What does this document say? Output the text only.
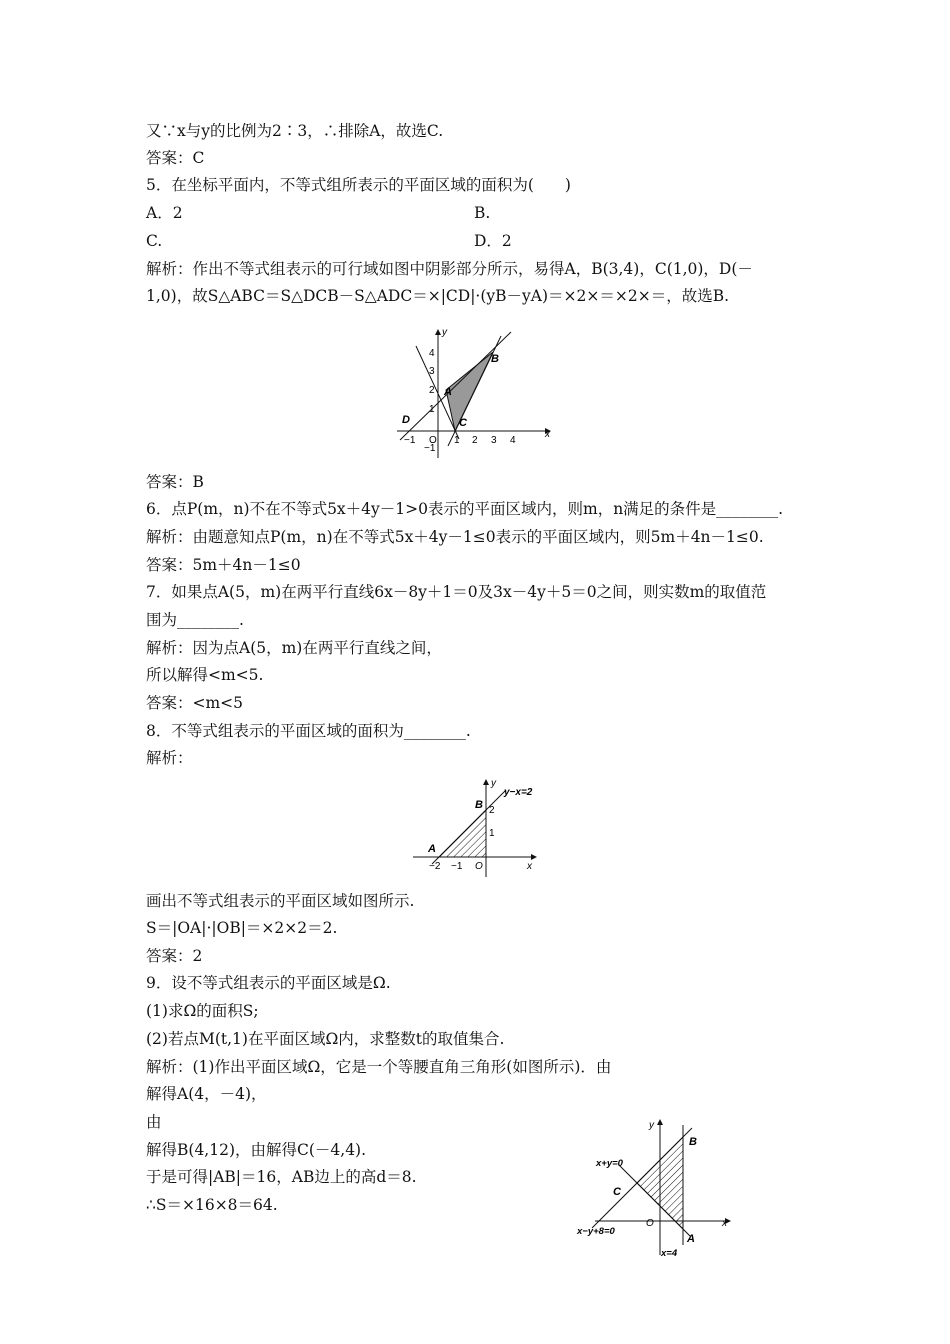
又∵x与y的比例为2∶3，∴排除A，故选C.
答案：C
5．在坐标平面内，不等式组所表示的平面区域的面积为(　　)
A．2	B.
C.	D．2
解析：作出不等式组表示的可行域如图中阴影部分所示，易得A，B(3,4)，C(1,0)，D(－
1,0)，故S△ABC＝S△DCB－S△ADC＝×|CD|·(yB－yA)＝×2×＝×2×＝，故选B.
y
x
4
3
2
1
−1
−1 O 1 2 3 4
A
B
C
D
答案：B
6．点P(m，n)不在不等式5x＋4y－1>0表示的平面区域内，则m，n满足的条件是________.
解析：由题意知点P(m，n)在不等式5x＋4y－1≤0表示的平面区域内，则5m＋4n－1≤0.
答案：5m＋4n－1≤0
7．如果点A(5，m)在两平行直线6x－8y＋1＝0及3x－4y＋5＝0之间，则实数m的取值范
围为________.
解析：因为点A(5，m)在两平行直线之间，
所以解得<m<5.
答案：<m<5
8．不等式组表示的平面区域的面积为________.
解析：
y
x
y−x=2
B
A
O
2
1
−2 −1
画出不等式组表示的平面区域如图所示.
S＝|OA|·|OB|＝×2×2＝2.
答案：2
9．设不等式组表示的平面区域是Ω.
(1)求Ω的面积S;
(2)若点M(t,1)在平面区域Ω内，求整数t的取值集合.
解析：(1)作出平面区域Ω，它是一个等腰直角三角形(如图所示)．由
解得A(4，－4)，
由
解得B(4,12)，由解得C(－4,4).
于是可得|AB|＝16，AB边上的高d＝8.
∴S＝×16×8＝64.
y
x
B
C
O
A
x+y=0
x−y+8=0
x=4
